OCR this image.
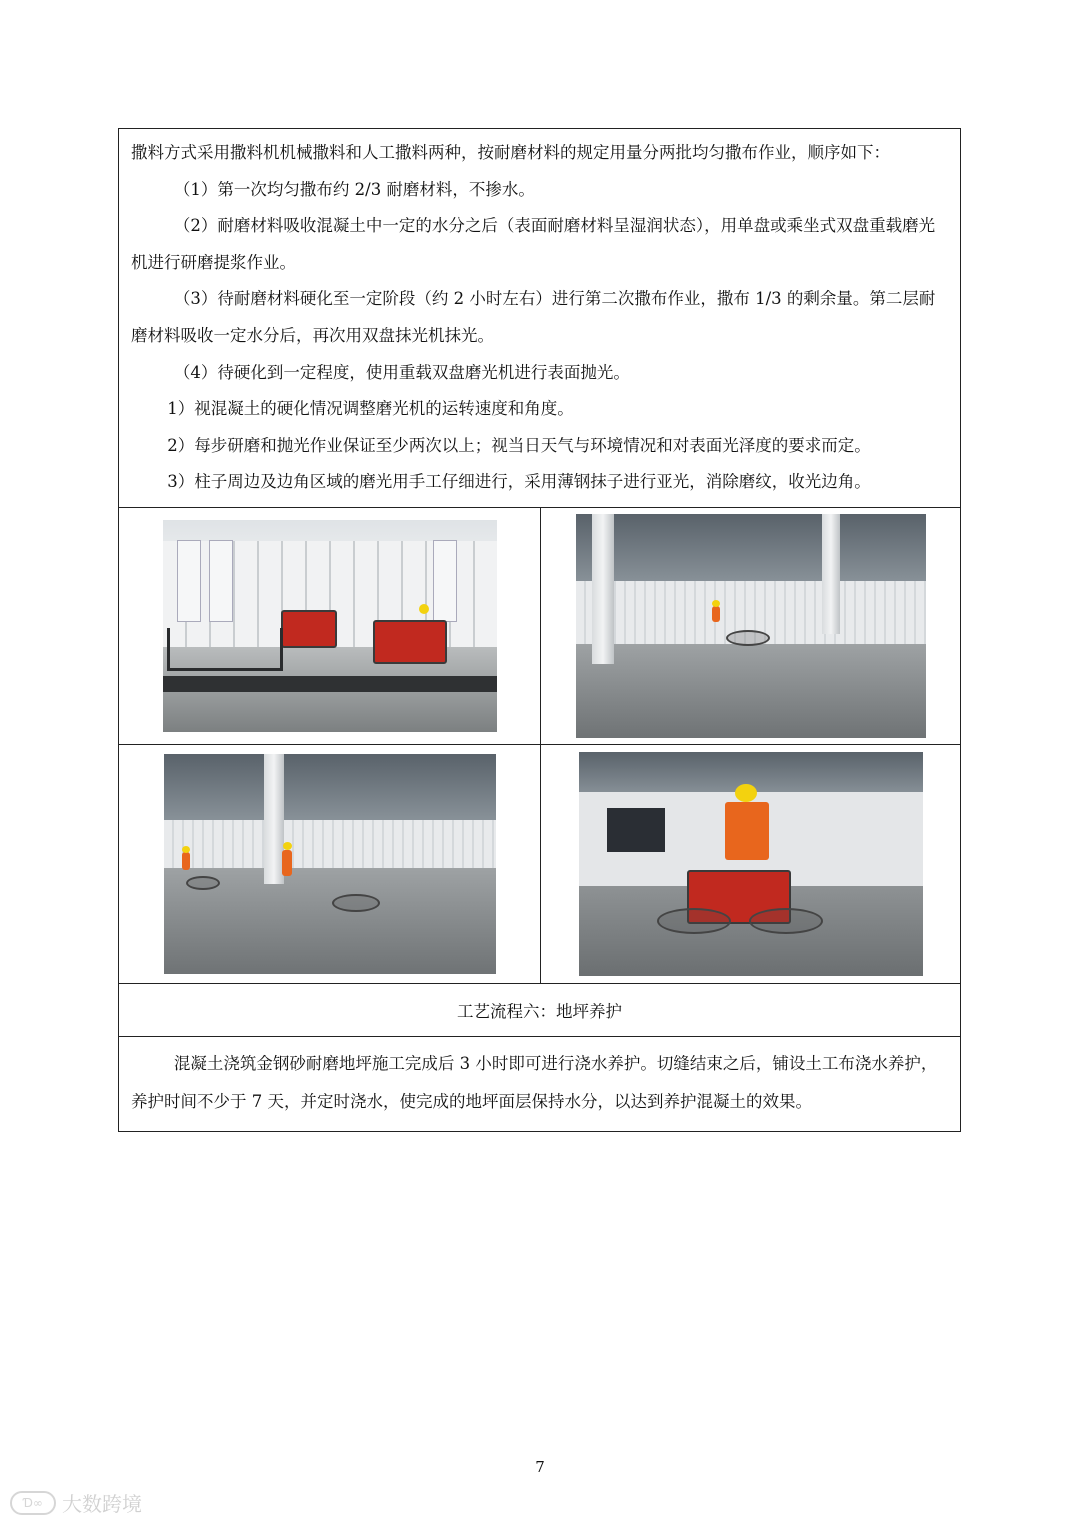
撒料方式采用撒料机机械撒料和人工撒料两种，按耐磨材料的规定用量分两批均匀撒布作业，顺序如下：

（1）第一次均匀撒布约 2/3 耐磨材料，不掺水。

（2）耐磨材料吸收混凝土中一定的水分之后（表面耐磨材料呈湿润状态），用单盘或乘坐式双盘重载磨光机进行研磨提浆作业。

（3）待耐磨材料硬化至一定阶段（约 2 小时左右）进行第二次撒布作业，撒布 1/3 的剩余量。第二层耐磨材料吸收一定水分后，再次用双盘抹光机抹光。

（4）待硬化到一定程度，使用重载双盘磨光机进行表面抛光。

1）视混凝土的硬化情况调整磨光机的运转速度和角度。

2）每步研磨和抛光作业保证至少两次以上；视当日天气与环境情况和对表面光泽度的要求而定。

3）柱子周边及边角区域的磨光用手工仔细进行，采用薄钢抹子进行亚光，消除磨纹，收光边角。

工艺流程六：地坪养护

混凝土浇筑金钢砂耐磨地坪施工完成后 3 小时即可进行浇水养护。切缝结束之后，铺设土工布浇水养护，养护时间不少于 7 天，并定时浇水，使完成的地坪面层保持水分，以达到养护混凝土的效果。

7
Ɗ∞ 大数跨境
